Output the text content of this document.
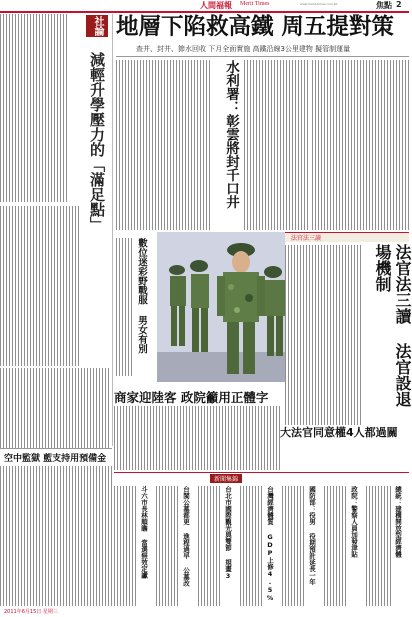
人間福報 Merit Times	www.merit-times.com.tw	焦點 2
社論
減輕升學壓力的「滿足點」
地層下陷救高鐵 周五提對策
查井、封井、節水回收 下月全面實施 高鐵沿線3公里建物 擬管制運量
水利署：彰雲將封千口井
數位迷彩野戰服 男女有別	法官法三讀
法官法三讀 法官設退場機制
大法官同意權4人都過關
商家迎陸客 政院籲用正體字
空中監獄 藍支持用預備金
新聞集錦
斗六市長林順瞻 當選無效定讞	台閩公墓都更 進程過早 公墓改	台北市國際觀光與雙節 規畫3	台灣經濟體質 GDP上修4.5%	國防部：役男 役期預計延長一年	政院：警察人員加發津貼	總統：建構開放型經濟體
2011年6月15日 星期三
